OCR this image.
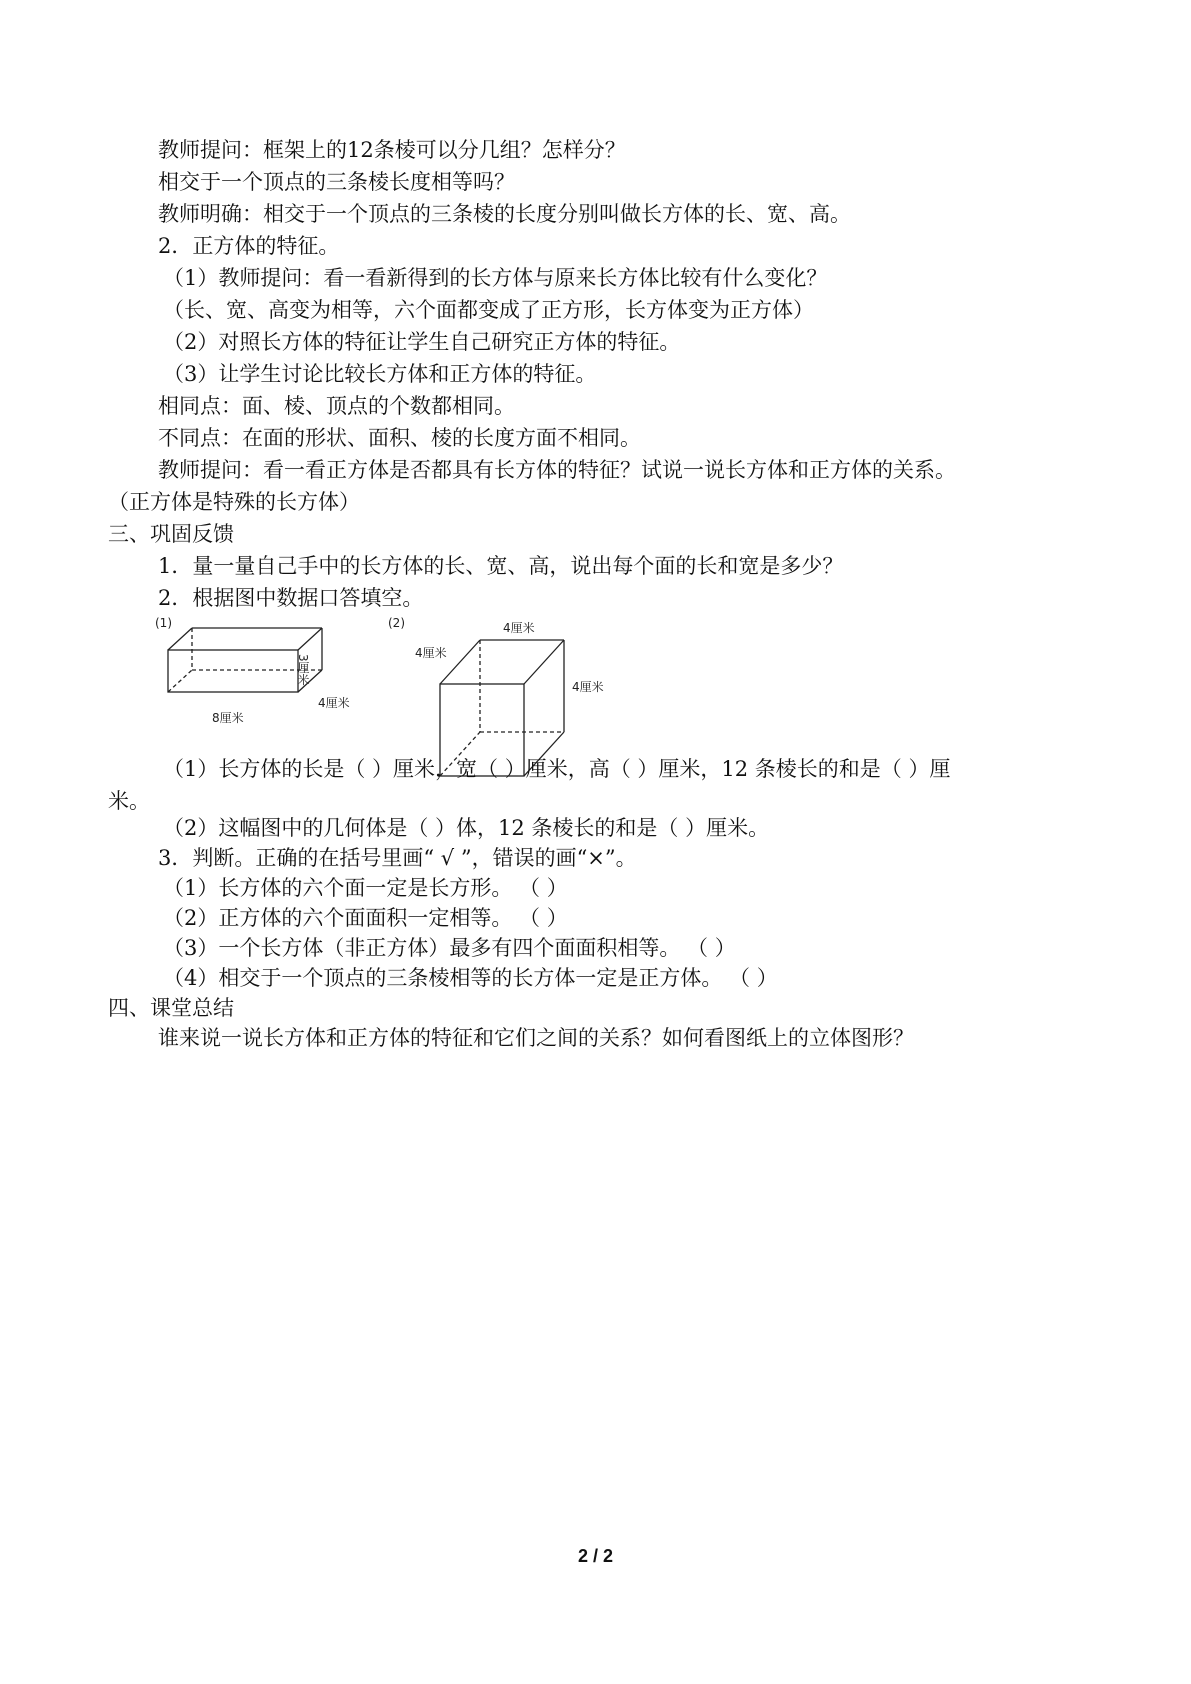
教师提问：框架上的12条棱可以分几组？怎样分？
相交于一个顶点的三条棱长度相等吗？
教师明确：相交于一个顶点的三条棱的长度分别叫做长方体的长、宽、高。
2．正方体的特征。
（1）教师提问：看一看新得到的长方体与原来长方体比较有什么变化？
（长、宽、高变为相等，六个面都变成了正方形，长方体变为正方体）
（2）对照长方体的特征让学生自己研究正方体的特征。
（3）让学生讨论比较长方体和正方体的特征。
相同点：面、棱、顶点的个数都相同。
不同点：在面的形状、面积、棱的长度方面不相同。
教师提问：看一看正方体是否都具有长方体的特征？试说一说长方体和正方体的关系。
（正方体是特殊的长方体）
三、巩固反馈
1．量一量自己手中的长方体的长、宽、高，说出每个面的长和宽是多少？
2．根据图中数据口答填空。
(1)
3厘米
4厘米
8厘米
(2)	4厘米
4厘米
4厘米
（1）长方体的长是（ ）厘米，宽（ ）厘米，高（ ）厘米，12 条棱长的和是（ ）厘
米。
（2）这幅图中的几何体是（ ）体，12 条棱长的和是（ ）厘米。
3．判断。正确的在括号里画“ √ ”，错误的画“×”。
（1）长方体的六个面一定是长方形。 （ ）
（2）正方体的六个面面积一定相等。 （ ）
（3）一个长方体（非正方体）最多有四个面面积相等。 （ ）
（4）相交于一个顶点的三条棱相等的长方体一定是正方体。 （ ）
四、课堂总结
谁来说一说长方体和正方体的特征和它们之间的关系？如何看图纸上的立体图形？
2 / 2
